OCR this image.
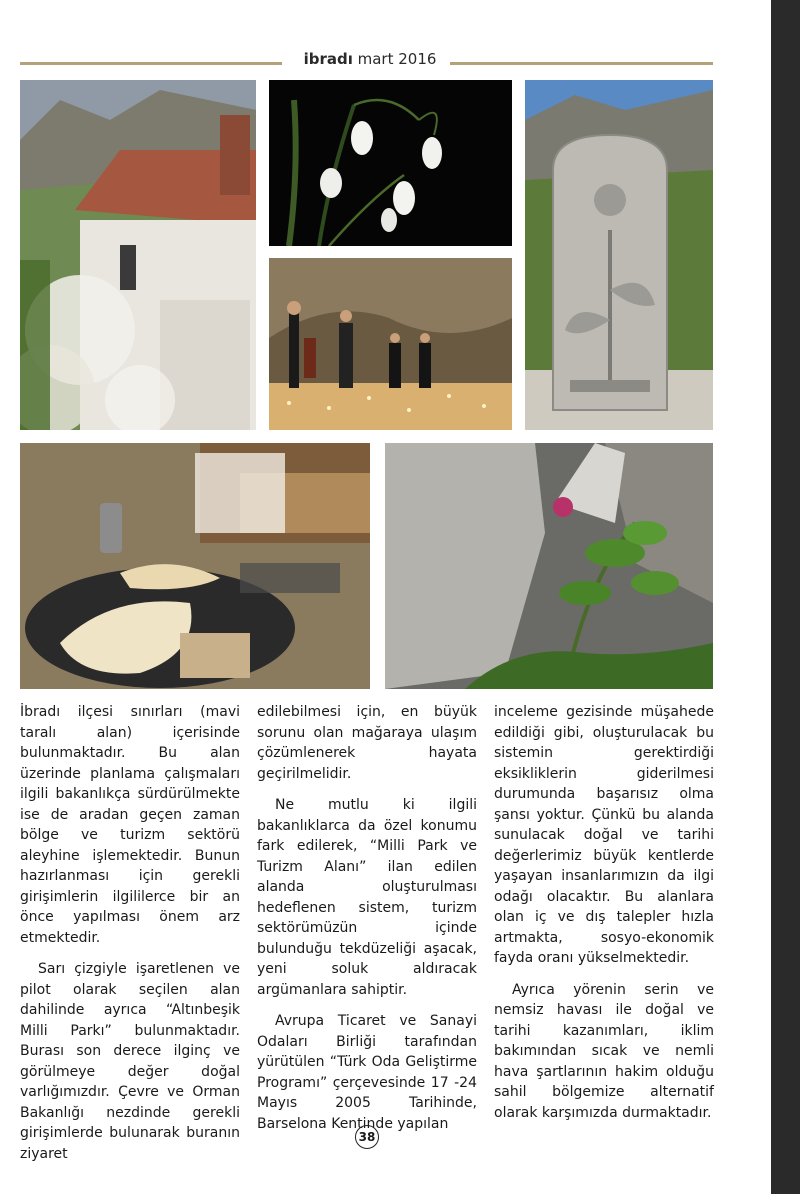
ibradı mart 2016

İbradı ilçesi sınırları (mavi taralı alan) içerisinde bulunmaktadır. Bu alan üzerinde planlama çalışmaları ilgili bakanlıkça sürdürülmekte ise de aradan geçen zaman bölge ve turizm sektörü aleyhine işlemektedir. Bunun hazırlanması için gerekli girişimlerin ilgililerce bir an önce yapılması önem arz etmektedir.

Sarı çizgiyle işaretlenen ve pilot olarak seçilen alan dahilinde ayrıca “Altınbeşik Milli Parkı” bulunmaktadır. Burası son derece ilginç ve görülmeye değer doğal varlığımızdır. Çevre ve Orman Bakanlığı nezdinde gerekli girişimlerde bulunarak buranın ziyaret

edilebilmesi için, en büyük sorunu olan mağaraya ulaşım çözümlenerek hayata geçirilmelidir.

Ne mutlu ki ilgili bakanlıklarca da özel konumu fark edilerek, “Milli Park ve Turizm Alanı” ilan edilen alanda oluşturulması hedeflenen sistem, turizm sektörümüzün içinde bulunduğu tekdüzeliği aşacak, yeni soluk aldıracak argümanlara sahiptir.

Avrupa Ticaret ve Sanayi Odaları Birliği tarafından yürütülen “Türk Oda Geliştirme Programı” çerçevesinde 17 -24 Mayıs 2005 Tarihinde, Barselona Kentinde yapılan

inceleme gezisinde müşahede edildiği gibi, oluşturulacak bu sistemin gerektirdiği eksikliklerin giderilmesi durumunda başarısız olma şansı yoktur. Çünkü bu alanda sunulacak doğal ve tarihi değerlerimiz büyük kentlerde yaşayan insanlarımızın da ilgi odağı olacaktır. Bu alanlara olan iç ve dış talepler hızla artmakta, sosyo-ekonomik fayda oranı yükselmektedir.

Ayrıca yörenin serin ve nemsiz havası ile doğal ve tarihi kazanımları, iklim bakımından sıcak ve nemli hava şartlarının hakim olduğu sahil bölgemize alternatif olarak karşımızda durmaktadır.

38
